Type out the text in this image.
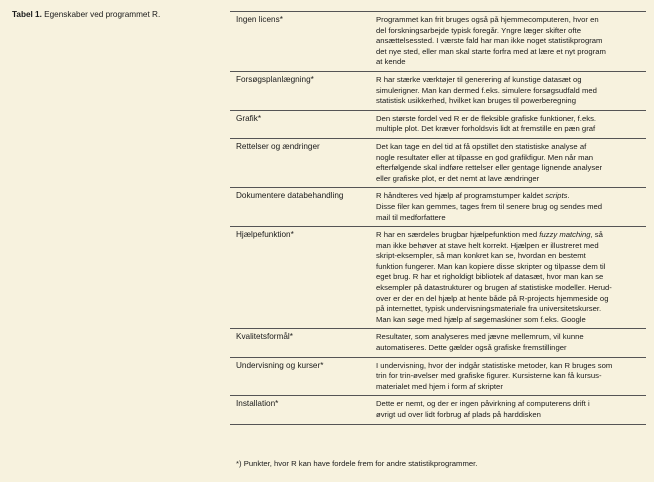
Tabel 1. Egenskaber ved programmet R.
Ingen licens*	Programmet kan frit bruges også på hjemmecomputeren, hvor en
del forskningsarbejde typisk foregår. Yngre læger skifter ofte
ansættelsessted. I værste fald har man ikke noget statistikprogram
det nye sted, eller man skal starte forfra med at lære et nyt program
at kende
Forsøgsplanlægning*	R har stærke værktøjer til generering af kunstige datasæt og
simulerigner. Man kan dermed f.eks. simulere forsøgsudfald med
statistisk usikkerhed, hvilket kan bruges til powerberegning
Grafik*	Den største fordel ved R er de fleksible grafiske funktioner, f.eks.
multiple plot. Det kræver forholdsvis lidt at fremstille en pæn graf
Rettelser og ændringer	Det kan tage en del tid at få opstillet den statistiske analyse af
nogle resultater eller at tilpasse en god grafikfigur. Men når man
efterfølgende skal indføre rettelser eller gentage lignende analyser
eller grafiske plot, er det nemt at lave ændringer
Dokumentere databehandling	R håndteres ved hjælp af programstumper kaldet scripts.
Disse filer kan gemmes, tages frem til senere brug og sendes med
mail til medforfattere
Hjælpefunktion*	R har en særdeles brugbar hjælpefunktion med fuzzy matching, så
man ikke behøver at stave helt korrekt. Hjælpen er illustreret med
skript-eksempler, så man konkret kan se, hvordan en bestemt
funktion fungerer. Man kan kopiere disse skripter og tilpasse dem til
eget brug. R har et righoldigt bibliotek af datasæt, hvor man kan se
eksempler på datastrukturer og brugen af statistiske modeller. Herud-
over er der en del hjælp at hente både på R-projects hjemmeside og
på internettet, typisk undervisningsmateriale fra universitetskurser.
Man kan søge med hjælp af søgemaskiner som f.eks. Google
Kvalitetsformål*	Resultater, som analyseres med jævne mellemrum, vil kunne
automatiseres. Dette gælder også grafiske fremstillinger
Undervisning og kurser*	I undervisning, hvor der indgår statistiske metoder, kan R bruges som
trin for trin-øvelser med grafiske figurer. Kursisterne kan få kursus-
materialet med hjem i form af skripter
Installation*	Dette er nemt, og der er ingen påvirkning af computerens drift i
øvrigt ud over lidt forbrug af plads på harddisken
*) Punkter, hvor R kan have fordele frem for andre statistikprogrammer.
